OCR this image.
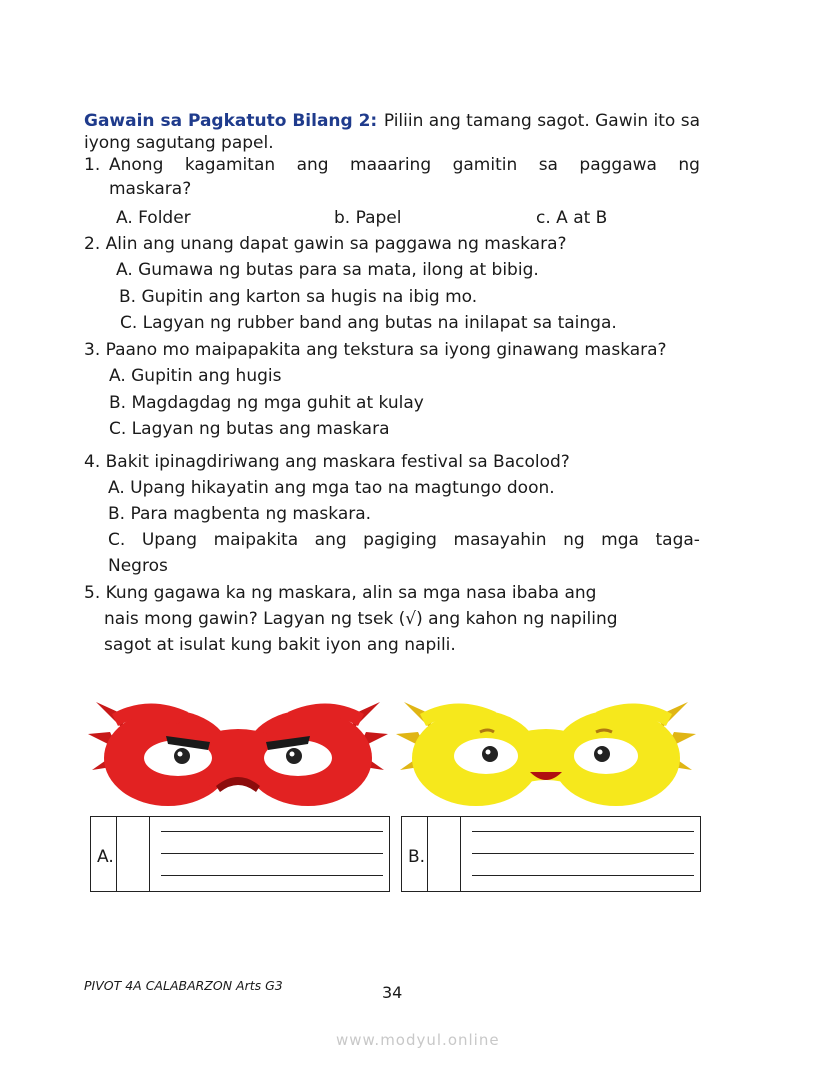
Gawain sa Pagkatuto Bilang 2: Piliin ang tamang sagot. Gawin ito sa
iyong sagutang papel.
1. Anong kagamitan ang maaaring gamitin sa paggawa ng
maskara?
A. Folder	b. Papel	c. A at B
2. Alin ang unang dapat gawin sa paggawa ng maskara?
A. Gumawa ng butas para sa mata, ilong at bibig.
B. Gupitin ang karton sa hugis na ibig mo.
C. Lagyan ng rubber band ang butas na inilapat sa tainga.
3. Paano mo maipapakita ang tekstura sa iyong ginawang maskara?
A. Gupitin ang hugis
B. Magdagdag ng mga guhit at kulay
C. Lagyan ng butas ang maskara
4. Bakit ipinagdiriwang ang maskara festival sa Bacolod?
A. Upang hikayatin ang mga tao na magtungo doon.
B. Para magbenta ng maskara.
C. Upang maipakita ang pagiging masayahin ng mga taga-
Negros
5. Kung gagawa ka ng maskara, alin sa mga nasa ibaba ang
nais mong gawin? Lagyan ng tsek (√) ang kahon ng napiling
sagot at isulat kung bakit iyon ang napili.
A.	B.
PIVOT 4A CALABARZON Arts G3	34
www.modyul.online
